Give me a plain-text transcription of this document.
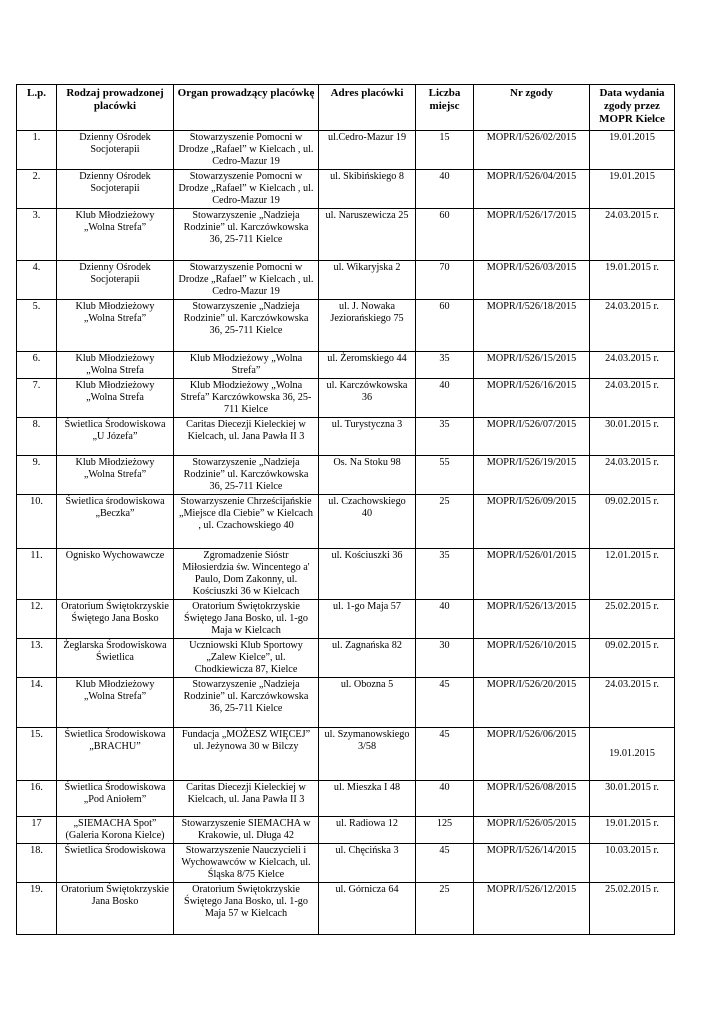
L.p.	Rodzaj prowadzonej placówki	Organ prowadzący placówkę	Adres placówki	Liczba miejsc	Nr zgody	Data wydania zgody przez MOPR Kielce
1.	Dzienny Ośrodek Socjoterapii	Stowarzyszenie Pomocni w Drodze „Rafael” w Kielcach , ul. Cedro-Mazur 19	ul.Cedro-Mazur 19	15	MOPR/I/526/02/2015	19.01.2015
2.	Dzienny Ośrodek Socjoterapii	Stowarzyszenie Pomocni w Drodze „Rafael” w Kielcach , ul. Cedro-Mazur 19	ul. Skibińskiego 8	40	MOPR/I/526/04/2015	19.01.2015
3.	Klub Młodzieżowy „Wolna Strefa”	Stowarzyszenie „Nadzieja Rodzinie” ul. Karczówkowska 36, 25-711 Kielce	ul. Naruszewicza 25	60	MOPR/I/526/17/2015	24.03.2015 r.
4.	Dzienny Ośrodek Socjoterapii	Stowarzyszenie Pomocni w Drodze „Rafael” w Kielcach , ul. Cedro-Mazur 19	ul. Wikaryjska 2	70	MOPR/I/526/03/2015	19.01.2015 r.
5.	Klub Młodzieżowy „Wolna Strefa”	Stowarzyszenie „Nadzieja Rodzinie” ul. Karczówkowska 36, 25-711 Kielce	ul. J. Nowaka Jeziorańskiego 75	60	MOPR/I/526/18/2015	24.03.2015 r.
6.	Klub Młodzieżowy „Wolna Strefa	Klub Młodzieżowy „Wolna Strefa”	ul. Żeromskiego 44	35	MOPR/I/526/15/2015	24.03.2015 r.
7.	Klub Młodzieżowy „Wolna Strefa	Klub Młodzieżowy „Wolna Strefa” Karczówkowska 36, 25-711 Kielce	ul. Karczówkowska 36	40	MOPR/I/526/16/2015	24.03.2015 r.
8.	Świetlica Środowiskowa „U Józefa”	Caritas Diecezji Kieleckiej w Kielcach, ul. Jana Pawła II 3	ul. Turystyczna 3	35	MOPR/I/526/07/2015	30.01.2015 r.
9.	Klub Młodzieżowy „Wolna Strefa”	Stowarzyszenie „Nadzieja Rodzinie” ul. Karczówkowska 36, 25-711 Kielce	Os. Na Stoku 98	55	MOPR/I/526/19/2015	24.03.2015 r.
10.	Świetlica środowiskowa „Beczka”	Stowarzyszenie Chrześcijańskie „Miejsce dla Ciebie” w Kielcach , ul. Czachowskiego 40	ul. Czachowskiego 40	25	MOPR/I/526/09/2015	09.02.2015 r.
11.	Ognisko Wychowawcze	Zgromadzenie Sióstr Miłosierdzia św. Wincentego a' Paulo, Dom Zakonny, ul. Kościuszki 36 w Kielcach	ul. Kościuszki 36	35	MOPR/I/526/01/2015	12.01.2015 r.
12.	Oratorium Świętokrzyskie Świętego Jana Bosko	Oratorium Świętokrzyskie Świętego Jana Bosko, ul. 1-go Maja w Kielcach	ul. 1-go Maja 57	40	MOPR/I/526/13/2015	25.02.2015 r.
13.	Żeglarska Środowiskowa Świetlica	Uczniowski Klub Sportowy „Zalew Kielce”, ul. Chodkiewicza 87, Kielce	ul. Zagnańska 82	30	MOPR/I/526/10/2015	09.02.2015 r.
14.	Klub Młodzieżowy „Wolna Strefa”	Stowarzyszenie „Nadzieja Rodzinie” ul. Karczówkowska 36, 25-711 Kielce	ul. Obozna 5	45	MOPR/I/526/20/2015	24.03.2015 r.
15.	Świetlica Środowiskowa „BRACHU”	Fundacja „MOŻESZ WIĘCEJ” ul. Jeżynowa 30 w Bilczy	ul. Szymanowskiego 3/58	45	MOPR/I/526/06/2015	19.01.2015
16.	Świetlica Środowiskowa „Pod Aniołem”	Caritas Diecezji Kieleckiej w Kielcach, ul. Jana Pawła II 3	ul. Mieszka I 48	40	MOPR/I/526/08/2015	30.01.2015 r.
17	„SIEMACHA Spot” (Galeria Korona Kielce)	Stowarzyszenie SIEMACHA w Krakowie, ul. Długa 42	ul. Radiowa 12	125	MOPR/I/526/05/2015	19.01.2015 r.
18.	Świetlica Środowiskowa	Stowarzyszenie Nauczycieli i Wychowawców w Kielcach, ul. Śląska 8/75 Kielce	ul. Chęcińska 3	45	MOPR/I/526/14/2015	10.03.2015 r.
19.	Oratorium Świętokrzyskie Jana Bosko	Oratorium Świętokrzyskie Świętego Jana Bosko, ul. 1-go Maja 57 w Kielcach	ul. Górnicza 64	25	MOPR/I/526/12/2015	25.02.2015 r.
